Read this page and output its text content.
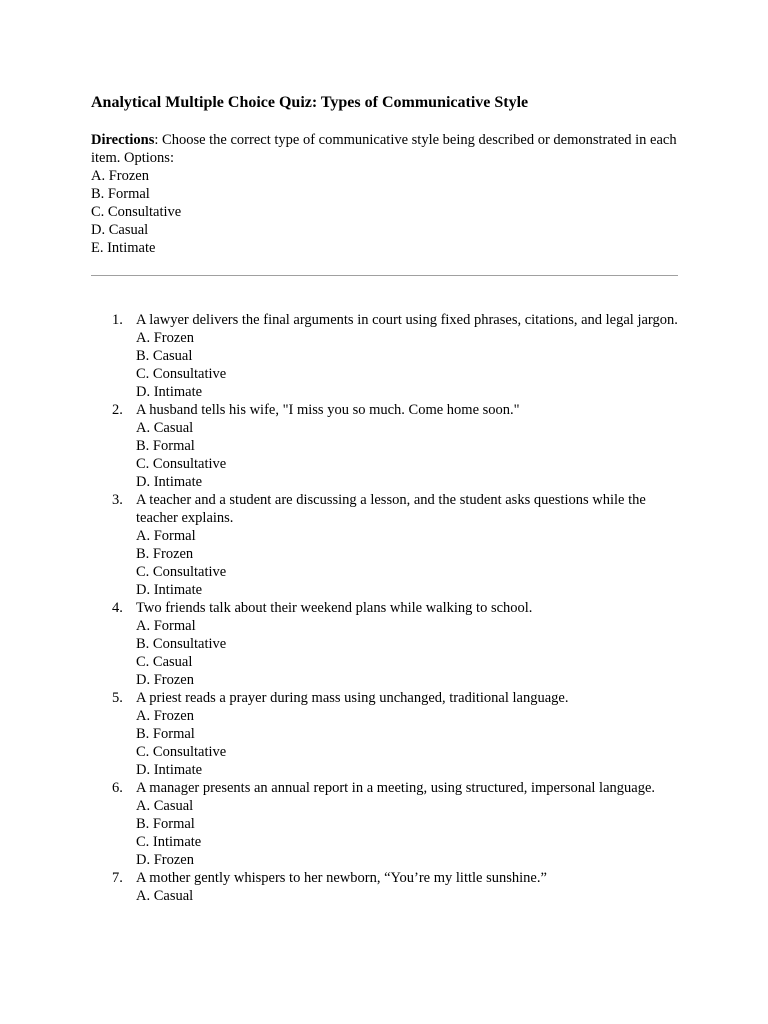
Analytical Multiple Choice Quiz: Types of Communicative Style

Directions: Choose the correct type of communicative style being described or demonstrated in each item. Options:

A. Frozen
B. Formal
C. Consultative
D. Casual
E. Intimate
1. A lawyer delivers the final arguments in court using fixed phrases, citations, and legal jargon.
A. Frozen
B. Casual
C. Consultative
D. Intimate
2. A husband tells his wife, "I miss you so much. Come home soon."
A. Casual
B. Formal
C. Consultative
D. Intimate
3. A teacher and a student are discussing a lesson, and the student asks questions while the teacher explains.
A. Formal
B. Frozen
C. Consultative
D. Intimate
4. Two friends talk about their weekend plans while walking to school.
A. Formal
B. Consultative
C. Casual
D. Frozen
5. A priest reads a prayer during mass using unchanged, traditional language.
A. Frozen
B. Formal
C. Consultative
D. Intimate
6. A manager presents an annual report in a meeting, using structured, impersonal language.
A. Casual
B. Formal
C. Intimate
D. Frozen
7. A mother gently whispers to her newborn, “You’re my little sunshine.”
A. Casual
